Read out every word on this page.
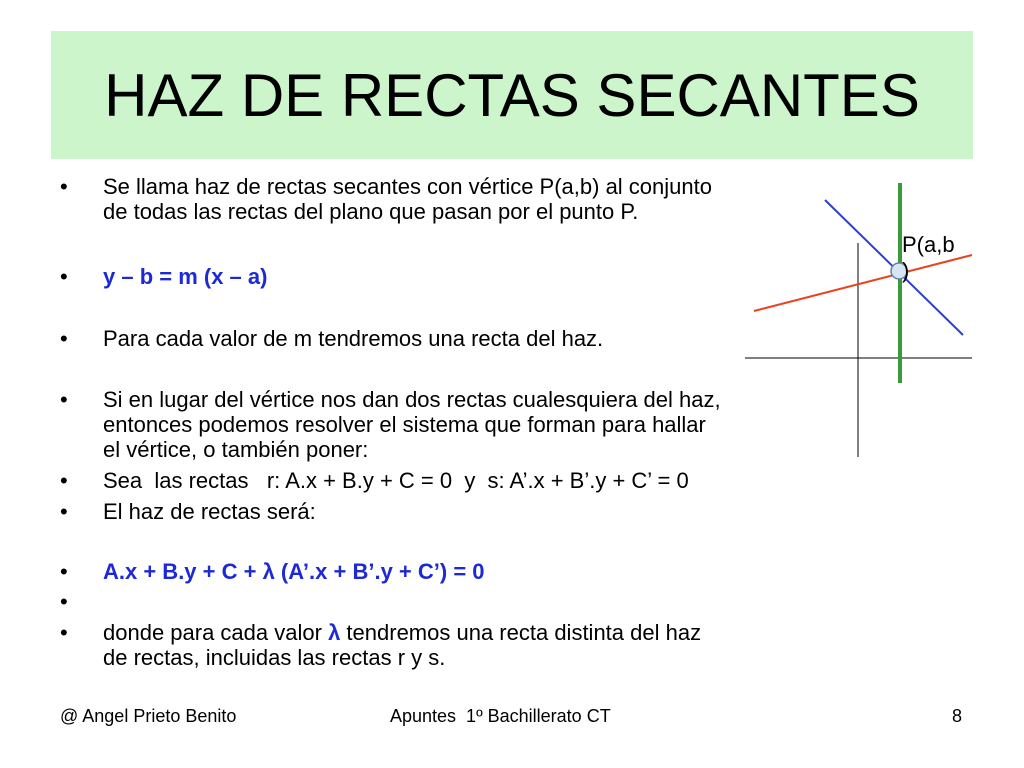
HAZ DE RECTAS SECANTES
•	Se llama haz de rectas secantes con vértice P(a,b) al conjunto
de todas las rectas del plano que pasan por el punto P.
•	y – b = m (x – a)
•	Para cada valor de m tendremos una recta del haz.
•	Si en lugar del vértice nos dan dos rectas cualesquiera del haz,
entonces podemos resolver el sistema que forman para hallar
el vértice, o también poner:
•	Sea  las rectas   r: A.x + B.y + C = 0  y  s: A’.x + B’.y + C’ = 0
•	El haz de rectas será:
•	A.x + B.y + C + λ (A’.x + B’.y + C’) = 0
•
•	donde para cada valor λ tendremos una recta distinta del haz
de rectas, incluidas las rectas r y s.
P(a,b
)
@ Angel Prieto Benito	Apuntes  1º Bachillerato CT	8
